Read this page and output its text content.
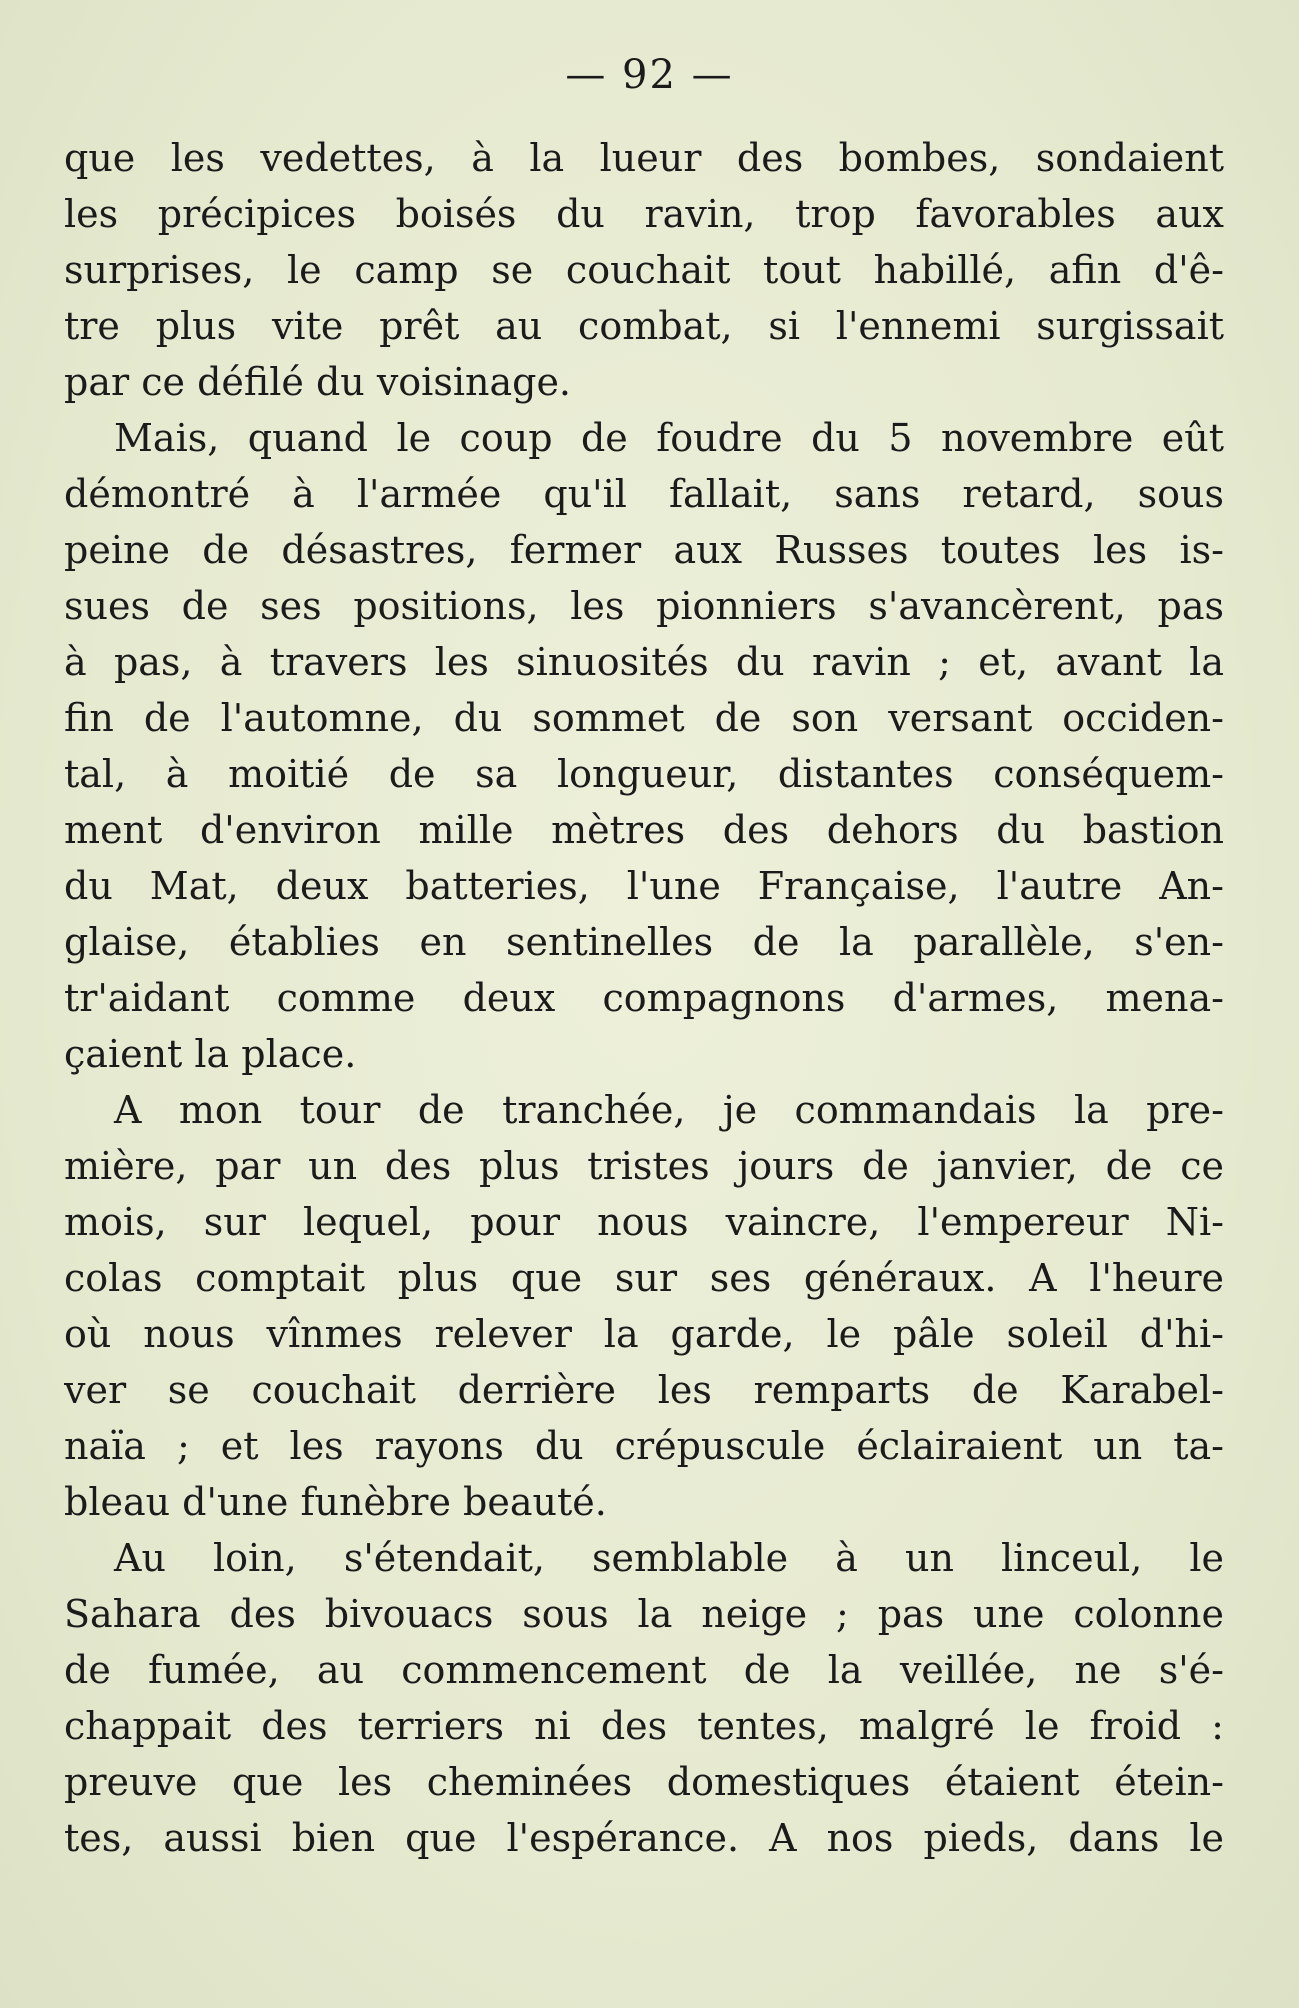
— 92 —
que les vedettes, à la lueur des bombes, sondaient
les précipices boisés du ravin, trop favorables aux
surprises, le camp se couchait tout habillé, afin d'ê-
tre plus vite prêt au combat, si l'ennemi surgissait
par ce défilé du voisinage.
Mais, quand le coup de foudre du 5 novembre eût
démontré à l'armée qu'il fallait, sans retard, sous
peine de désastres, fermer aux Russes toutes les is-
sues de ses positions, les pionniers s'avancèrent, pas
à pas, à travers les sinuosités du ravin ; et, avant la
fin de l'automne, du sommet de son versant occiden-
tal, à moitié de sa longueur, distantes conséquem-
ment d'environ mille mètres des dehors du bastion
du Mat, deux batteries, l'une Française, l'autre An-
glaise, établies en sentinelles de la parallèle, s'en-
tr'aidant comme deux compagnons d'armes, mena-
çaient la place.
A mon tour de tranchée, je commandais la pre-
mière, par un des plus tristes jours de janvier, de ce
mois, sur lequel, pour nous vaincre, l'empereur Ni-
colas comptait plus que sur ses généraux. A l'heure
où nous vînmes relever la garde, le pâle soleil d'hi-
ver se couchait derrière les remparts de Karabel-
naïa ; et les rayons du crépuscule éclairaient un ta-
bleau d'une funèbre beauté.
Au loin, s'étendait, semblable à un linceul, le
Sahara des bivouacs sous la neige ; pas une colonne
de fumée, au commencement de la veillée, ne s'é-
chappait des terriers ni des tentes, malgré le froid :
preuve que les cheminées domestiques étaient étein-
tes, aussi bien que l'espérance. A nos pieds, dans le
